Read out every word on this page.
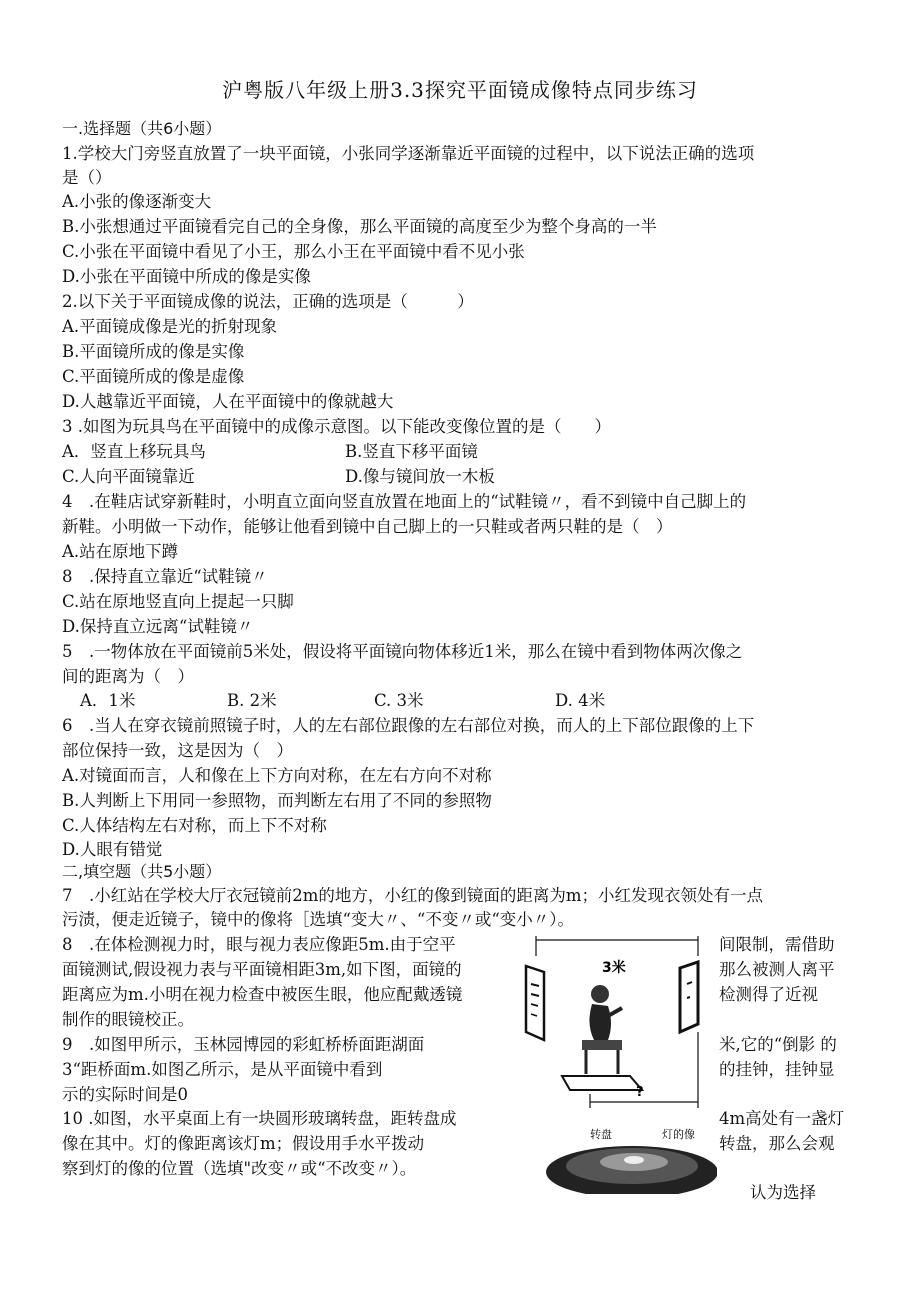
沪粤版八年级上册3.3探究平面镜成像特点同步练习
一.选择题（共6小题）
1.学校大门旁竖直放置了一块平面镜，小张同学逐渐靠近平面镜的过程中，以下说法正确的选项
是（）
A.小张的像逐渐变大
B.小张想通过平面镜看完自己的全身像，那么平面镜的高度至少为整个身高的一半
C.小张在平面镜中看见了小王，那么小王在平面镜中看不见小张
D.小张在平面镜中所成的像是实像
2.以下关于平面镜成像的说法，正确的选项是（　　　）
A.平面镜成像是光的折射现象
B.平面镜所成的像是实像
C.平面镜所成的像是虚像
D.人越靠近平面镜，人在平面镜中的像就越大
3 .如图为玩具鸟在平面镜中的成像示意图。以下能改变像位置的是（　　）
A．竖直上移玩具鸟	B.竖直下移平面镜
C.人向平面镜靠近	D.像与镜间放一木板
4　.在鞋店试穿新鞋时，小明直立面向竖直放置在地面上的“试鞋镜〃，看不到镜中自己脚上的
新鞋。小明做一下动作，能够让他看到镜中自己脚上的一只鞋或者两只鞋的是（　）
A.站在原地下蹲
8　.保持直立靠近“试鞋镜〃
C.站在原地竖直向上提起一只脚
D.保持直立远离“试鞋镜〃
5　.一物体放在平面镜前5米处，假设将平面镜向物体移近1米，那么在镜中看到物体两次像之
间的距离为（　）
A．1米	B. 2米	C. 3米	D. 4米
6　.当人在穿衣镜前照镜子时，人的左右部位跟像的左右部位对换，而人的上下部位跟像的上下
部位保持一致，这是因为（　）
A.对镜面而言，人和像在上下方向对称，在左右方向不对称
B.人判断上下用同一参照物，而判断左右用了不同的参照物
C.人体结构左右对称，而上下不对称
D.人眼有错觉
二,填空题（共5小题）
7　.小红站在学校大厅衣冠镜前2m的地方，小红的像到镜面的距离为m；小红发现衣领处有一点
污渍，便走近镜子，镜中的像将［选填“变大〃、“不变〃或“变小〃）。
8　.在体检测视力时，眼与视力表应像距5m.由于空平	间限制，需借助
面镜测试,假设视力表与平面镜相距3m,如下图，面镜的	那么被测人离平
距离应为m.小明在视力检查中被医生眼，他应配戴透镜	检测得了近视
制作的眼镜校正。
9　.如图甲所示，玉林园博园的彩虹桥桥面距湖面	米,它的“倒影 的
3“距桥面m.如图乙所示，是从平面镜中看到	的挂钟，挂钟显
示的实际时间是0
10 .如图，水平桌面上有一块圆形玻璃转盘，距转盘成	4m高处有一盏灯
像在其中。灯的像距离该灯m；假设用手水平拨动	转盘，那么会观
察到灯的像的位置（选填"改变〃或“不改变〃）。
认为选择
3米
?
转盘	灯的像
